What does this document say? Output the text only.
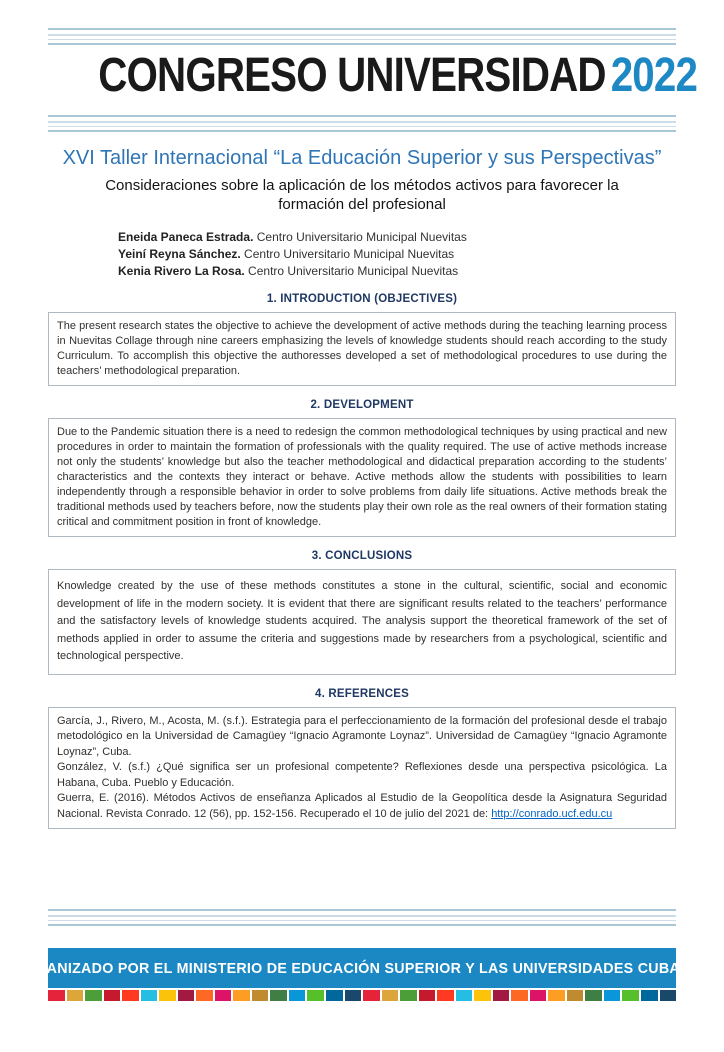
CONGRESO UNIVERSIDAD 2022
XVI Taller Internacional “La Educación Superior y sus Perspectivas”
Consideraciones sobre la aplicación de los métodos activos para favorecer la formación del profesional
Eneida Paneca Estrada. Centro Universitario Municipal Nuevitas
Yeiní Reyna Sánchez. Centro Universitario Municipal Nuevitas
Kenia Rivero La Rosa. Centro Universitario Municipal Nuevitas
1. INTRODUCTION (OBJECTIVES)
The present research states the objective to achieve the development of active methods during the teaching learning process in Nuevitas Collage through nine careers emphasizing the levels of knowledge students should reach according to the study Curriculum. To accomplish this objective the authoresses developed a set of methodological procedures to use during the teachers’ methodological preparation.
2. DEVELOPMENT
Due to the Pandemic situation there is a need to redesign the common methodological techniques by using practical and new procedures in order to maintain the formation of professionals with the quality required. The use of active methods increase not only the students’ knowledge but also the teacher methodological and didactical preparation according to the students’ characteristics and the contexts they interact or behave. Active methods allow the students with possibilities to learn independently through a responsible behavior in order to solve problems from daily life situations. Active methods break the traditional methods used by teachers before, now the students play their own role as the real owners of their formation stating critical and commitment position in front of knowledge.
3. CONCLUSIONS
Knowledge created by the use of these methods constitutes a stone in the cultural, scientific, social and economic development of life in the modern society. It is evident that there are significant results related to the teachers’ performance and the satisfactory levels of knowledge students acquired. The analysis support the theoretical framework of the set of methods applied in order to assume the criteria and suggestions made by researchers from a psychological, scientific and technological perspective.
4. REFERENCES

García, J., Rivero, M., Acosta, M. (s.f.). Estrategia para el perfeccionamiento de la formación del profesional desde el trabajo metodológico en la Universidad de Camagüey “Ignacio Agramonte Loynaz”. Universidad de Camagüey “Ignacio Agramonte Loynaz”, Cuba.

González, V. (s.f.) ¿Qué significa ser un profesional competente? Reflexiones desde una perspectiva psicológica. La Habana, Cuba. Pueblo y Educación.

Guerra, E. (2016). Métodos Activos de enseñanza Aplicados al Estudio de la Geopolítica desde la Asignatura Seguridad Nacional. Revista Conrado. 12 (56), pp. 152-156. Recuperado el 10 de julio del 2021 de: http://conrado.ucf.edu.cu

ORGANIZADO POR EL MINISTERIO DE EDUCACIÓN SUPERIOR Y LAS UNIVERSIDADES CUBANAS
